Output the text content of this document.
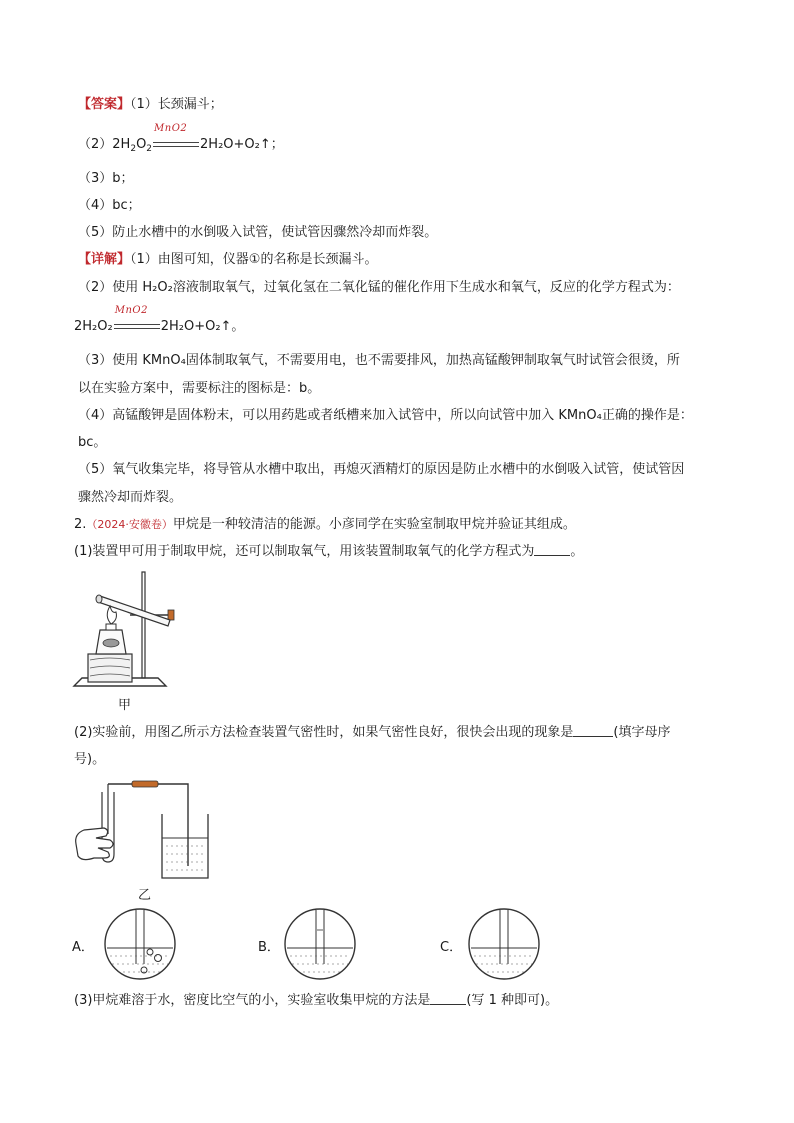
【答案】（1）长颈漏斗；
$(2)2H_2O_2$
MnO2
2H₂O+O₂↑；
（3）b；
（4）bc；
（5）防止水槽中的水倒吸入试管，使试管因骤然冷却而炸裂。
【详解】（1）由图可知，仪器①的名称是长颈漏斗。
（2）使用 H₂O₂溶液制取氧气，过氧化氢在二氧化锰的催化作用下生成水和氧气，反应的化学方程式为：
2H₂O₂
MnO2
2H₂O+O₂↑。
（3）使用 KMnO₄固体制取氧气，不需要用电，也不需要排风，加热高锰酸钾制取氧气时试管会很烫，所
以在实验方案中，需要标注的图标是：b。
（4）高锰酸钾是固体粉末，可以用药匙或者纸槽来加入试管中，所以向试管中加入 KMnO₄正确的操作是：
bc。
（5）氧气收集完毕，将导管从水槽中取出，再熄灭酒精灯的原因是防止水槽中的水倒吸入试管，使试管因
骤然冷却而炸裂。
2.（2024·安徽卷）甲烷是一种较清洁的能源。小彦同学在实验室制取甲烷并验证其组成。
(1)装置甲可用于制取甲烷，还可以制取氧气，用该装置制取氧气的化学方程式为	。
甲
(2)实验前，用图乙所示方法检查装置气密性时，如果气密性良好，很快会出现的现象是	(填字母序
号)。
乙
A．	B．	C．
(3)甲烷难溶于水，密度比空气的小，实验室收集甲烷的方法是	(写 1 种即可)。
